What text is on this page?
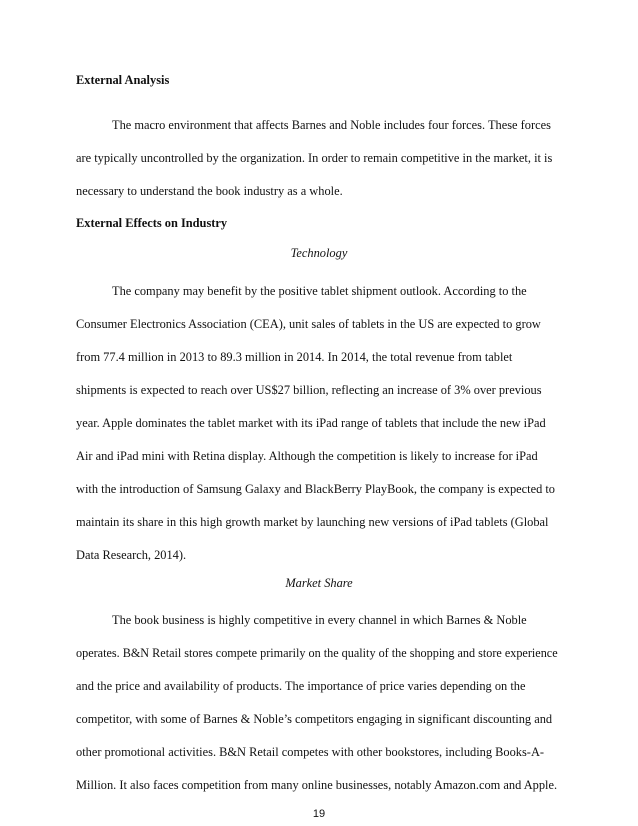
External Analysis
The macro environment that affects Barnes and Noble includes four forces. These forces
are typically uncontrolled by the organization. In order to remain competitive in the market, it is
necessary to understand the book industry as a whole.
External Effects on Industry
Technology
The company may benefit by the positive tablet shipment outlook. According to the
Consumer Electronics Association (CEA), unit sales of tablets in the US are expected to grow
from 77.4 million in 2013 to 89.3 million in 2014. In 2014, the total revenue from tablet
shipments is expected to reach over US$27 billion, reflecting an increase of 3% over previous
year. Apple dominates the tablet market with its iPad range of tablets that include the new iPad
Air and iPad mini with Retina display. Although the competition is likely to increase for iPad
with the introduction of Samsung Galaxy and BlackBerry PlayBook, the company is expected to
maintain its share in this high growth market by launching new versions of iPad tablets (Global
Data Research, 2014).
Market Share
The book business is highly competitive in every channel in which Barnes & Noble
operates. B&N Retail stores compete primarily on the quality of the shopping and store experience
and the price and availability of products. The importance of price varies depending on the
competitor, with some of Barnes & Noble’s competitors engaging in significant discounting and
other promotional activities. B&N Retail competes with other bookstores, including Books-A-
Million. It also faces competition from many online businesses, notably Amazon.com and Apple.
19
